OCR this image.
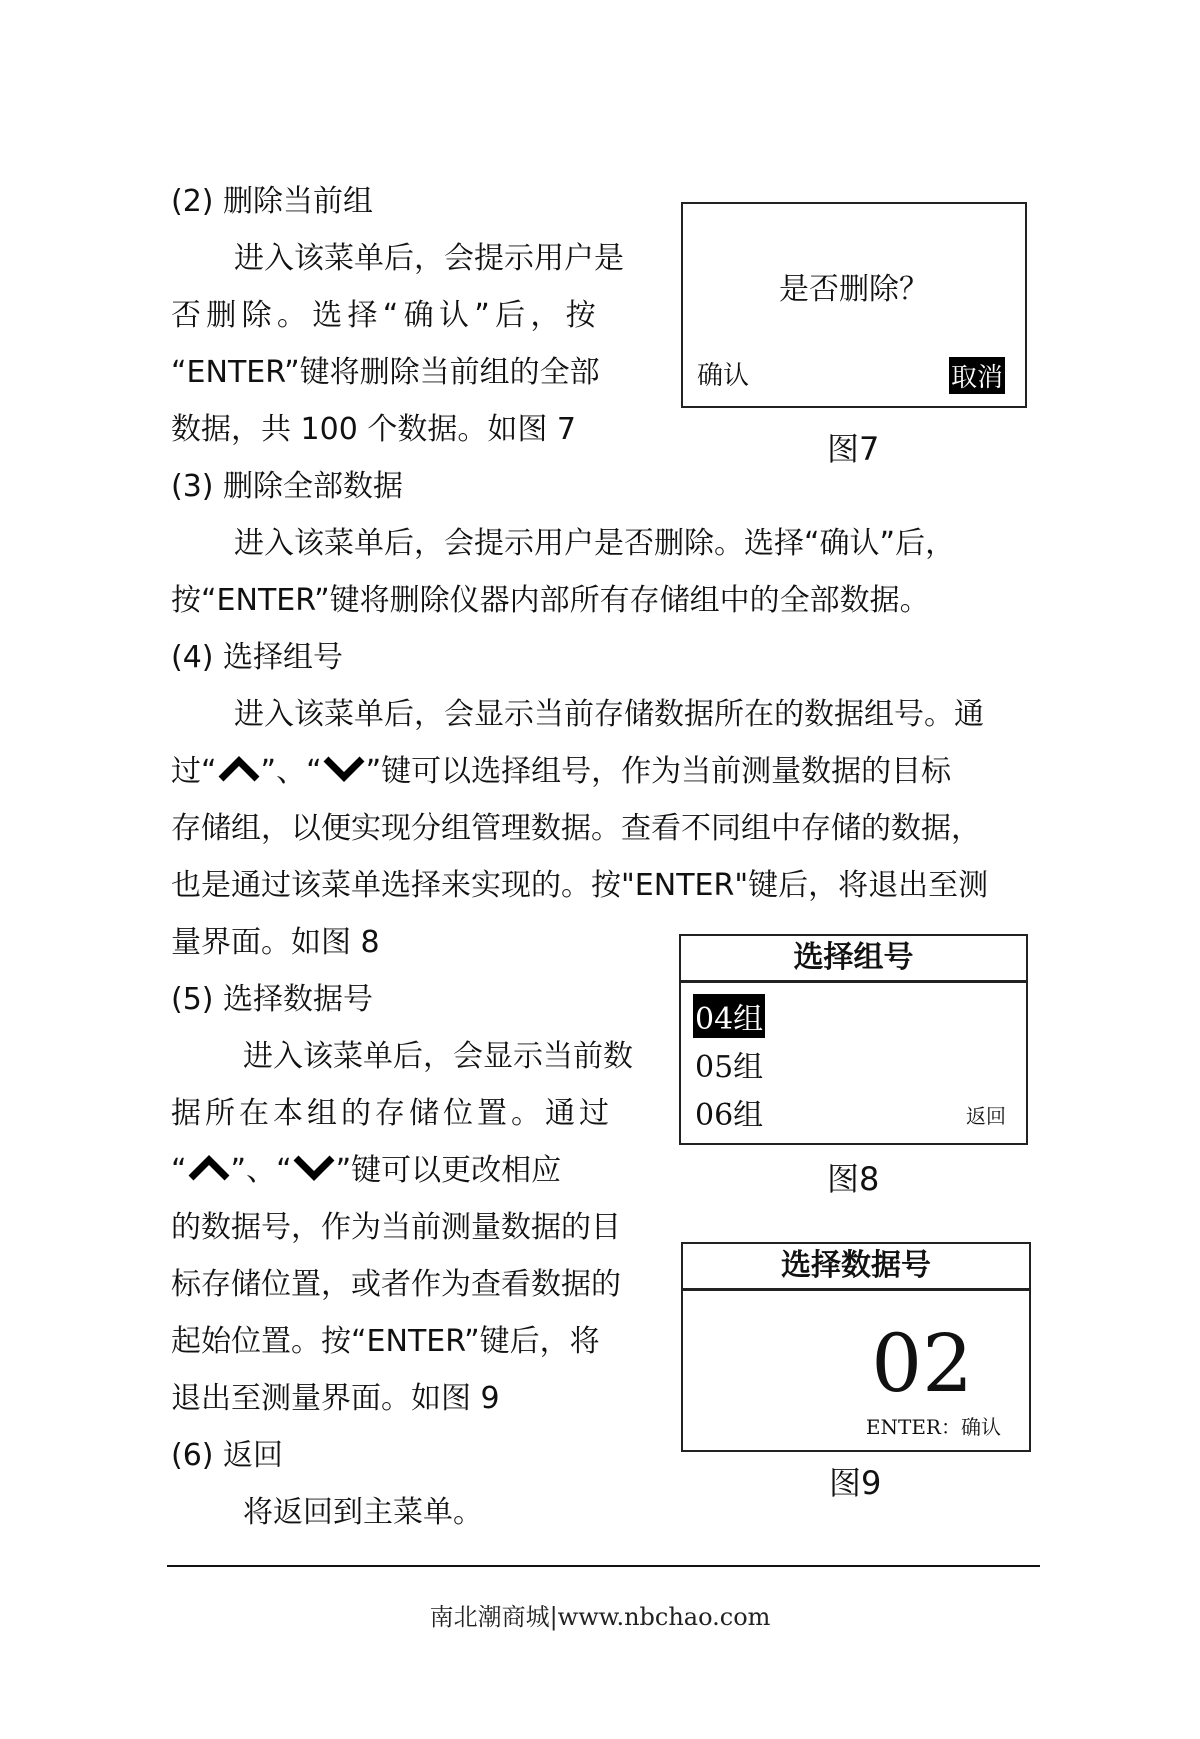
(2) 删除当前组
进入该菜单后，会提示用户是
否删除。选择“确认”后，按
“ENTER”键将删除当前组的全部
数据，共 100 个数据。如图 7
是否删除？
确认	取消
图7
(3) 删除全部数据
进入该菜单后，会提示用户是否删除。选择“确认”后，
按“ENTER”键将删除仪器内部所有存储组中的全部数据。
(4) 选择组号
进入该菜单后，会显示当前存储数据所在的数据组号。通
过“ ”、“ ”键可以选择组号，作为当前测量数据的目标
存储组，以便实现分组管理数据。查看不同组中存储的数据，
也是通过该菜单选择来实现的。按"ENTER"键后，将退出至测
量界面。如图 8	选择组号
04组
05组
06组	返回
图8
(5) 选择数据号
进入该菜单后，会显示当前数
据所在本组的存储位置。通过
“ ”、“ ”键可以更改相应
的数据号，作为当前测量数据的目
标存储位置，或者作为查看数据的
起始位置。按“ENTER”键后，将
退出至测量界面。如图 9
选择数据号
02
ENTER：确认
图9
(6) 返回
将返回到主菜单。
南北潮商城|www.nbchao.com
